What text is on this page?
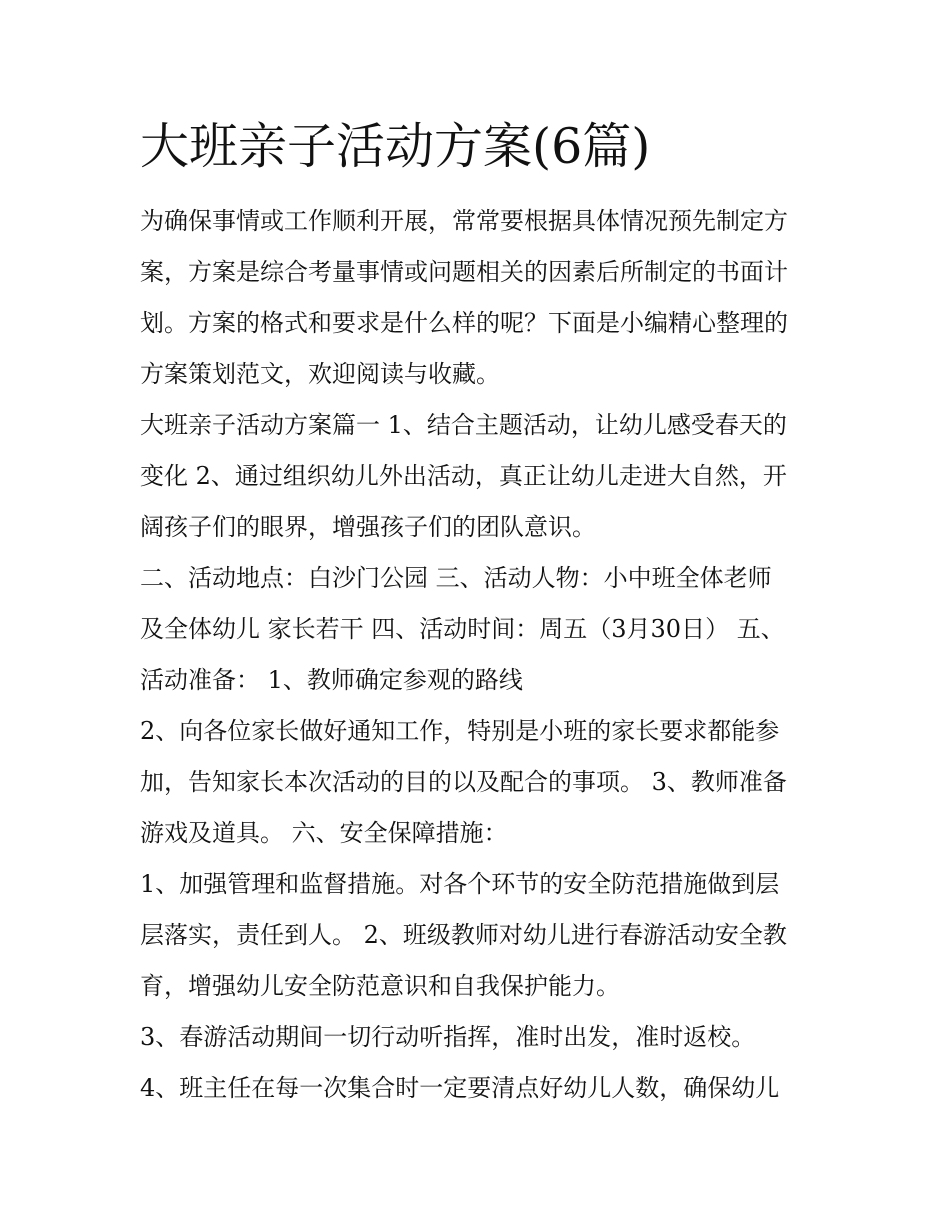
大班亲子活动方案(6篇)
为确保事情或工作顺利开展，常常要根据具体情况预先制定方
案，方案是综合考量事情或问题相关的因素后所制定的书面计
划。方案的格式和要求是什么样的呢？下面是小编精心整理的
方案策划范文，欢迎阅读与收藏。
大班亲子活动方案篇一 1、结合主题活动，让幼儿感受春天的
变化 2、通过组织幼儿外出活动，真正让幼儿走进大自然，开
阔孩子们的眼界，增强孩子们的团队意识。
二、活动地点：白沙门公园 三、活动人物：小中班全体老师
及全体幼儿 家长若干 四、活动时间：周五（3月30日） 五、
活动准备： 1、教师确定参观的路线
2、向各位家长做好通知工作，特别是小班的家长要求都能参
加，告知家长本次活动的目的以及配合的事项。 3、教师准备
游戏及道具。 六、安全保障措施：
1、加强管理和监督措施。对各个环节的安全防范措施做到层
层落实，责任到人。 2、班级教师对幼儿进行春游活动安全教
育，增强幼儿安全防范意识和自我保护能力。
3、春游活动期间一切行动听指挥，准时出发，准时返校。
4、班主任在每一次集合时一定要清点好幼儿人数，确保幼儿
